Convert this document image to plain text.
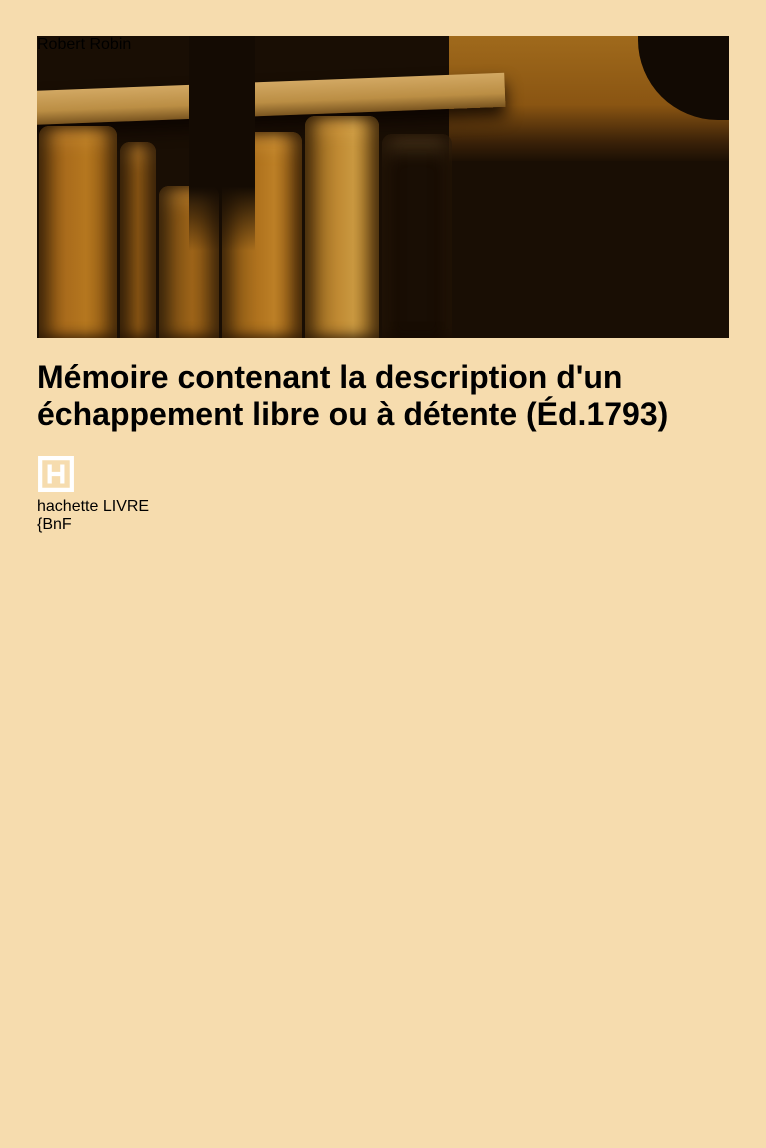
Robert Robin
Mémoire contenant la description d'un échappement libre ou à détente (Éd.1793)
hachette LIVRE
{BnF
